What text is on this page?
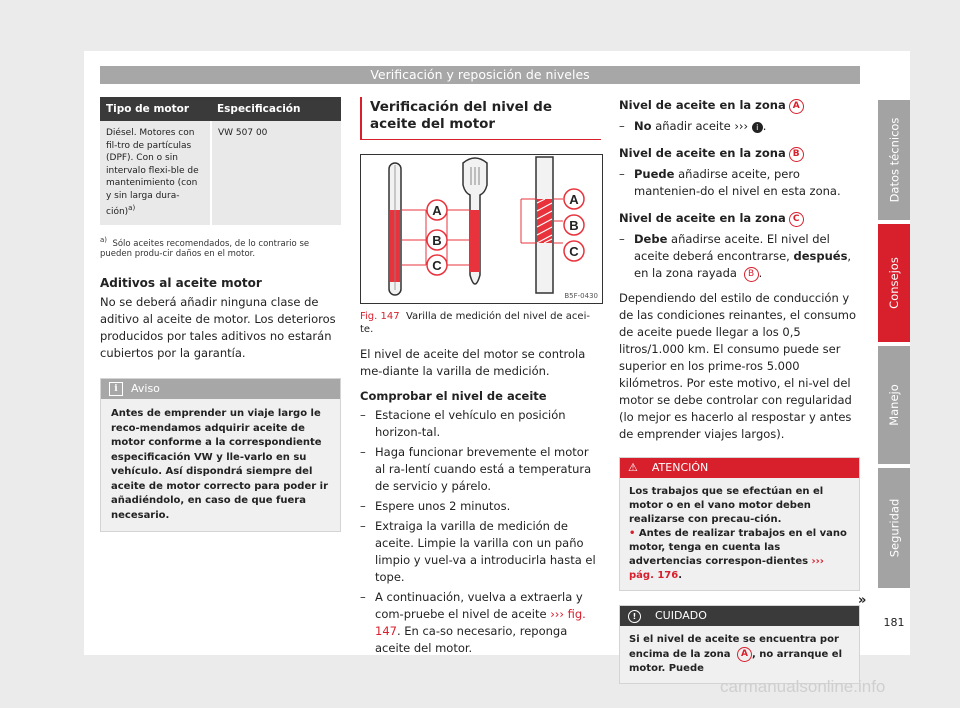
Verificación y reposición de niveles
Datos técnicos
Consejos
Manejo
Seguridad
Tipo de motor	Especificación
Diésel. Motores con fil-tro de partículas (DPF). Con o sin intervalo flexi-ble de mantenimiento (con y sin larga dura-ción)$^{a)}$	VW 507 00
$^{a)}$ Sólo aceites recomendados, de lo contrario se pueden produ-cir daños en el motor.
Aditivos al aceite motor

No se deberá añadir ninguna clase de aditivo al aceite de motor. Los deterioros producidos por tales aditivos no estarán cubiertos por la garantía.

i	Aviso
Antes de emprender un viaje largo le reco-mendamos adquirir aceite de motor conforme a la correspondiente especificación VW y lle-varlo en su vehículo. Así dispondrá siempre del aceite de motor correcto para poder ir añadiéndolo, en caso de que fuera necesario.
Verificación del nivel de aceite del motor
A
B
C
A
B
C
B5F-0430
Fig. 147 Varilla de medición del nivel de acei-te.

El nivel de aceite del motor se controla me-diante la varilla de medición.

Comprobar el nivel de aceite
– Estacione el vehículo en posición horizon-tal.
– Haga funcionar brevemente el motor al ra-lentí cuando está a temperatura de servicio y párelo.
– Espere unos 2 minutos.
– Extraiga la varilla de medición de aceite. Limpie la varilla con un paño limpio y vuel-va a introducirla hasta el tope.
– A continuación, vuelva a extraerla y com-pruebe el nivel de aceite ››› fig. 147. En ca-so necesario, reponga aceite del motor.
Nivel de aceite en la zona A
– No añadir aceite ››› i .
Nivel de aceite en la zona B
– Puede añadirse aceite, pero mantenien-do el nivel en esta zona.
Nivel de aceite en la zona C
– Debe añadirse aceite. El nivel del aceite deberá encontrarse, después, en la zona rayada B .

Dependiendo del estilo de conducción y de las condiciones reinantes, el consumo de aceite puede llegar a los 0,5 litros/1.000 km. El consumo puede ser superior en los prime-ros 5.000 kilómetros. Por este motivo, el ni-vel del motor se debe controlar con regularidad (lo mejor es hacerlo al respostar y antes de emprender viajes largos).

⚠ ATENCIÓN
Los trabajos que se efectúan en el motor o en el vano motor deben realizarse con precau-ción.
• Antes de realizar trabajos en el vano motor, tenga en cuenta las advertencias correspon-dientes ››› pág. 176.
!	CUIDADO
Si el nivel de aceite se encuentra por encima de la zona A , no arranque el motor. Puede
»
181
carmanualsonline.info
